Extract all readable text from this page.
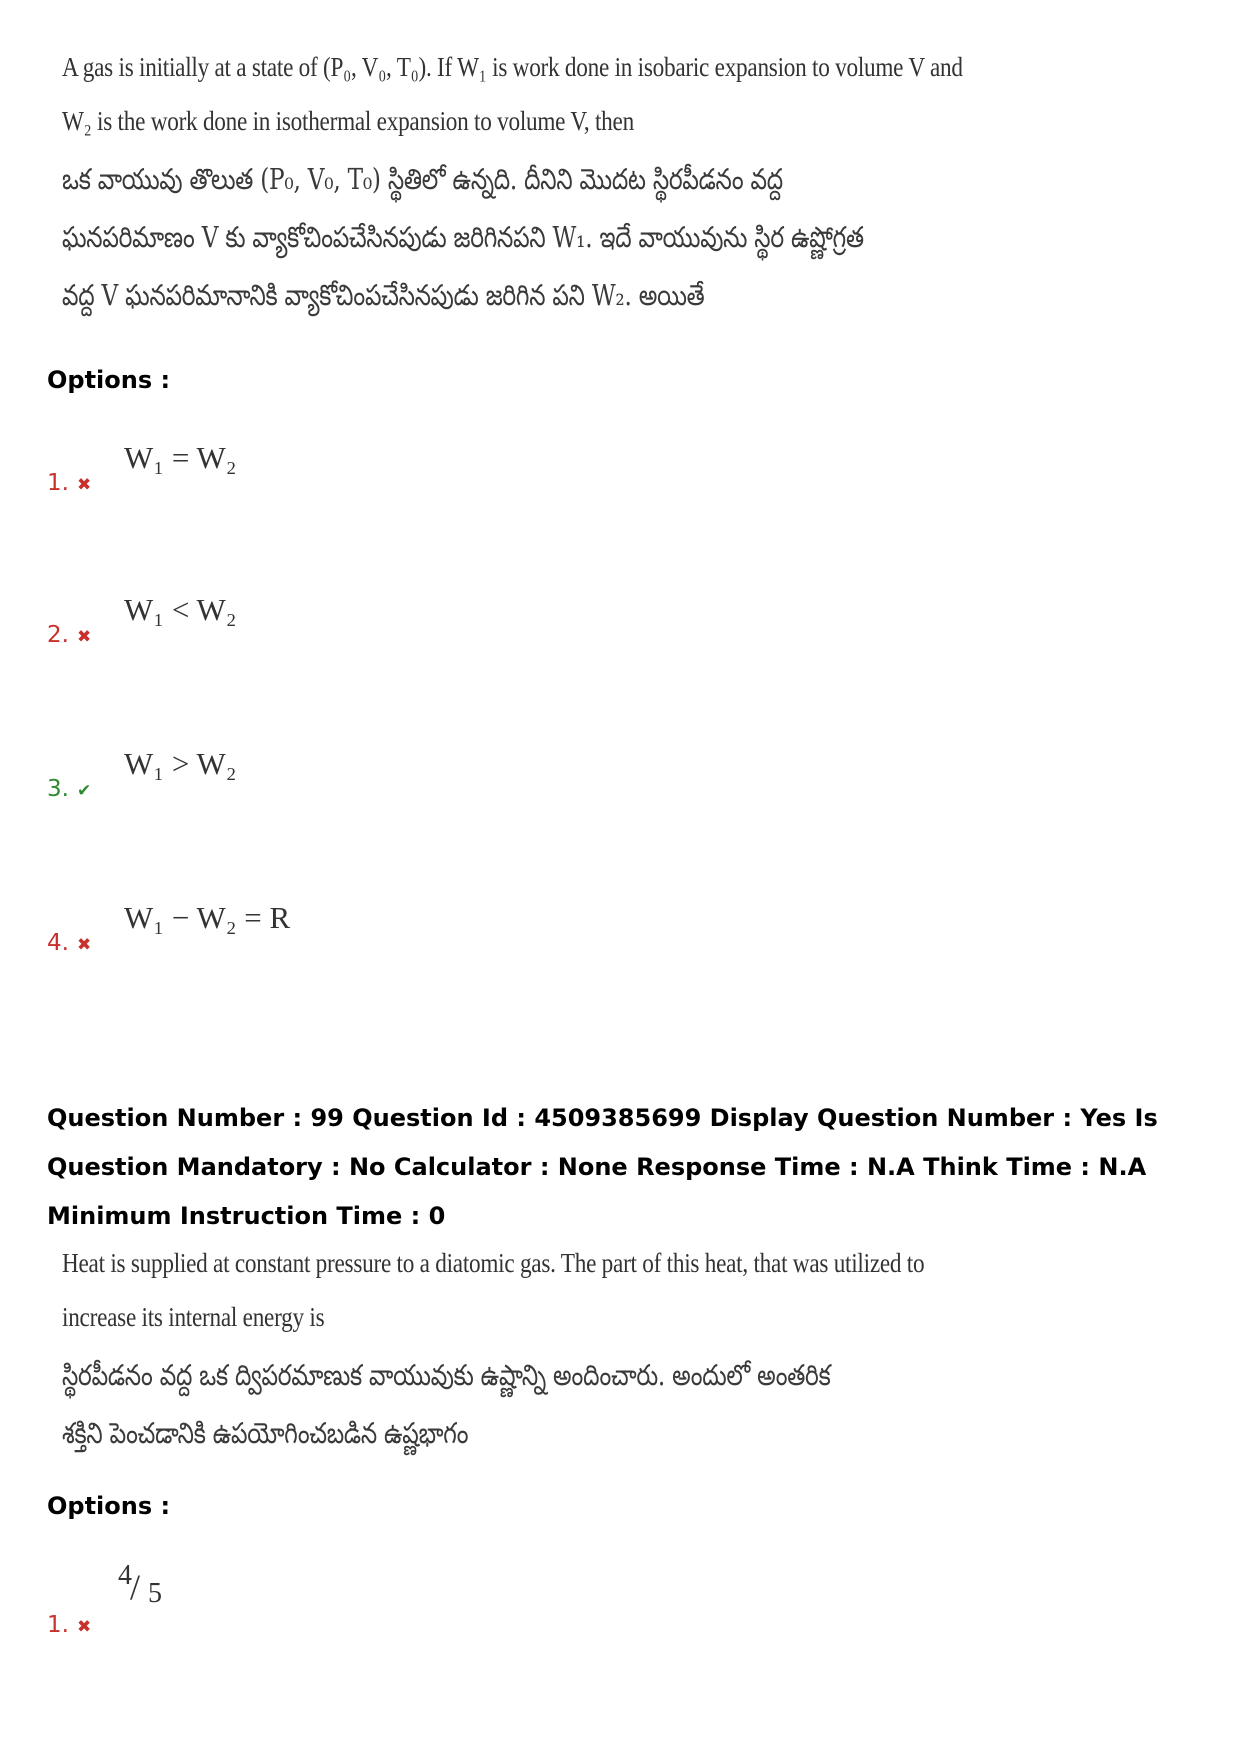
A gas is initially at a state of (P₀, V₀, T₀). If W₁ is work done in isobaric expansion to volume V and
W₂ is the work done in isothermal expansion to volume V, then
ఒక వాయువు తొలుత (P₀, V₀, T₀) స్థితిలో ఉన్నది. దీనిని మొదట స్థిరపీడనం వద్ద
ఘనపరిమాణం V కు వ్యాకోచింపచేసినపుడు జరిగినపని W₁. ఇదే వాయువును స్థిర ఉష్ణోగ్రత
వద్ద V ఘనపరిమానానికి వ్యాకోచింపచేసినపుడు జరిగిన పని W₂. అయితే
Options :
W₁ = W₂
1. ✖
W₁ < W₂
2. ✖
W₁ > W₂
3. ✔
W₁ − W₂ = R
4. ✖
Question Number : 99 Question Id : 4509385699 Display Question Number : Yes Is Question Mandatory : No Calculator : None Response Time : N.A Think Time : N.A Minimum Instruction Time : 0
Heat is supplied at constant pressure to a diatomic gas. The part of this heat, that was utilized to
increase its internal energy is
స్థిరపీడనం వద్ద ఒక ద్విపరమాణుక వాయువుకు ఉష్ణాన్ని అందించారు. అందులో అంతరిక
శక్తిని పెంచడానికి ఉపయోగించబడిన ఉష్ణభాగం
Options :
4
/ 5
1. ✖
